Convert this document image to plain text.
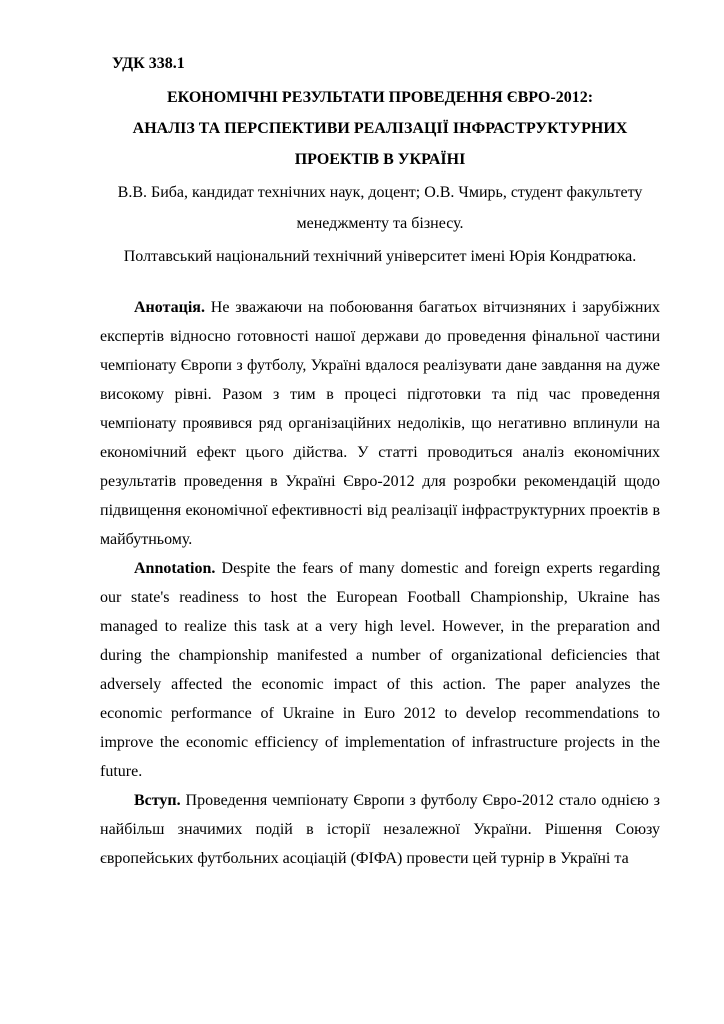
УДК 338.1

ЕКОНОМІЧНІ РЕЗУЛЬТАТИ ПРОВЕДЕННЯ ЄВРО-2012:
АНАЛІЗ ТА ПЕРСПЕКТИВИ РЕАЛІЗАЦІЇ ІНФРАСТРУКТУРНИХ
ПРОЕКТІВ В УКРАЇНІ

В.В. Биба, кандидат технічних наук, доцент; О.В. Чмирь, студент факультету менеджменту та бізнесу.

Полтавський національний технічний університет імені Юрія Кондратюка.

Анотація. Не зважаючи на побоювання багатьох вітчизняних і зарубіжних експертів відносно готовності нашої держави до проведення фінальної частини чемпіонату Європи з футболу, Україні вдалося реалізувати дане завдання на дуже високому рівні. Разом з тим в процесі підготовки та під час проведення чемпіонату проявився ряд організаційних недоліків, що негативно вплинули на економічний ефект цього дійства. У статті проводиться аналіз економічних результатів проведення в Україні Євро-2012 для розробки рекомендацій щодо підвищення економічної ефективності від реалізації інфраструктурних проектів в майбутньому.

Annotation. Despite the fears of many domestic and foreign experts regarding our state's readiness to host the European Football Championship, Ukraine has managed to realize this task at a very high level. However, in the preparation and during the championship manifested a number of organizational deficiencies that adversely affected the economic impact of this action. The paper analyzes the economic performance of Ukraine in Euro 2012 to develop recommendations to improve the economic efficiency of implementation of infrastructure projects in the future.

Вступ. Проведення чемпіонату Європи з футболу Євро-2012 стало однією з найбільш значимих подій в історії незалежної України. Рішення Союзу європейських футбольних асоціацій (ФІФА) провести цей турнір в Україні та
